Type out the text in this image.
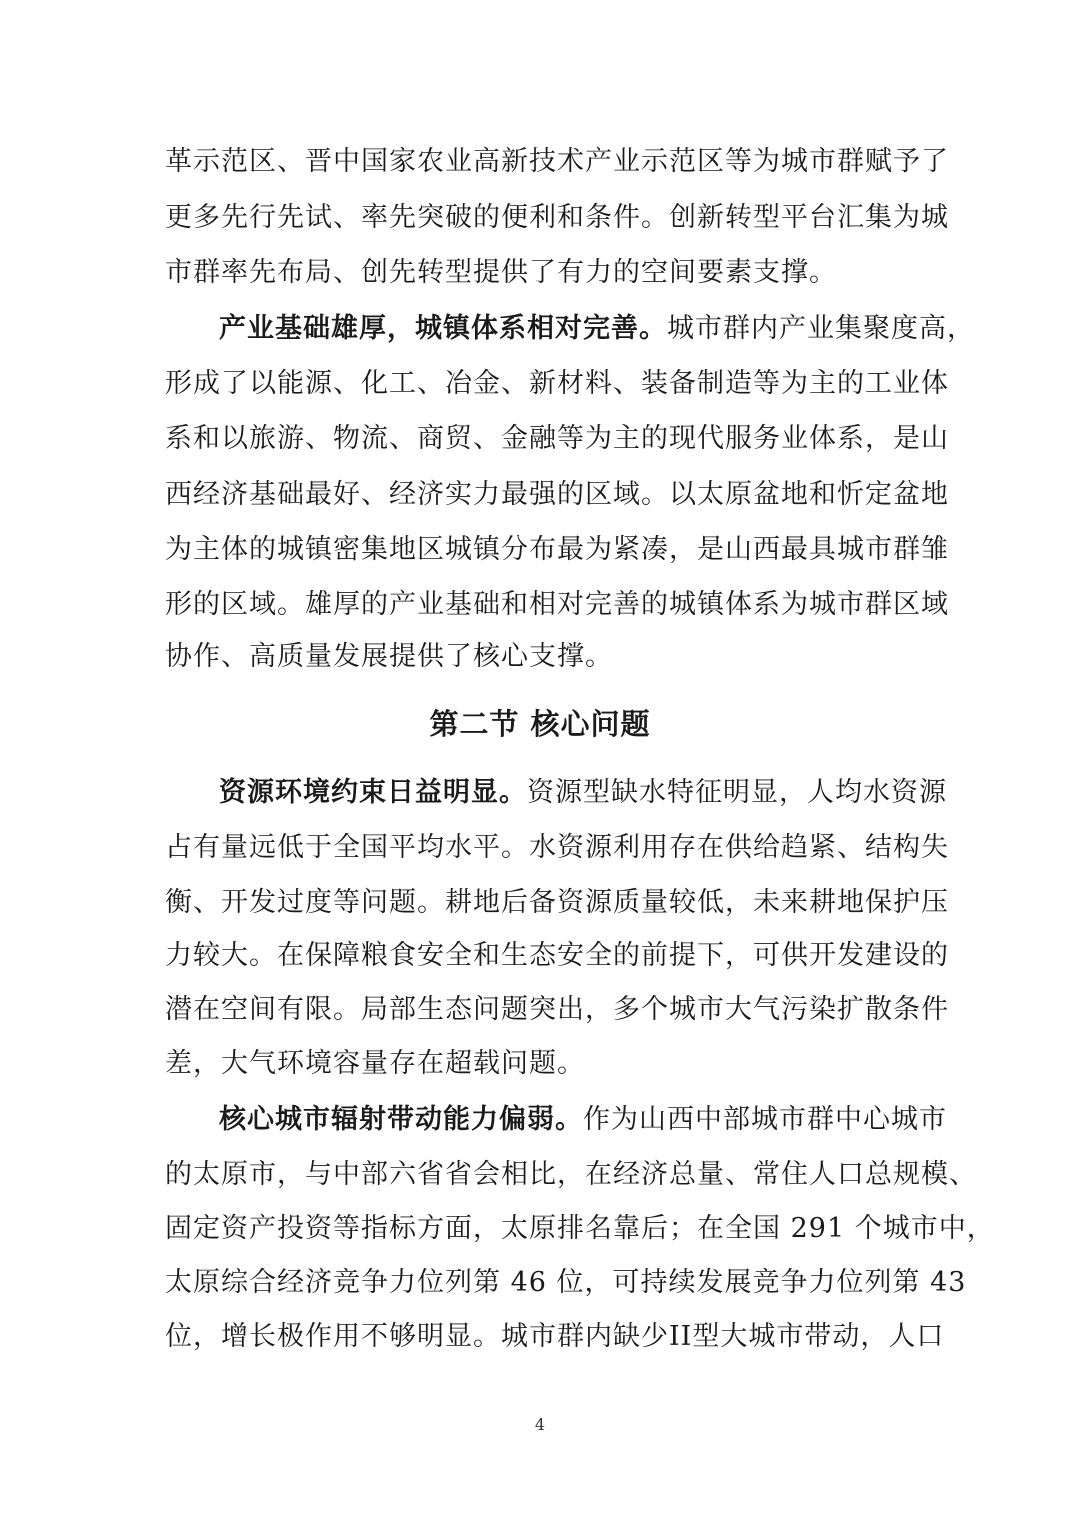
革示范区、晋中国家农业高新技术产业示范区等为城市群赋予了
更多先行先试、率先突破的便利和条件。创新转型平台汇集为城
市群率先布局、创先转型提供了有力的空间要素支撑。
产业基础雄厚，城镇体系相对完善。城市群内产业集聚度高，
形成了以能源、化工、冶金、新材料、装备制造等为主的工业体
系和以旅游、物流、商贸、金融等为主的现代服务业体系，是山
西经济基础最好、经济实力最强的区域。以太原盆地和忻定盆地
为主体的城镇密集地区城镇分布最为紧凑，是山西最具城市群雏
形的区域。雄厚的产业基础和相对完善的城镇体系为城市群区域
协作、高质量发展提供了核心支撑。
第二节 核心问题
资源环境约束日益明显。资源型缺水特征明显，人均水资源
占有量远低于全国平均水平。水资源利用存在供给趋紧、结构失
衡、开发过度等问题。耕地后备资源质量较低，未来耕地保护压
力较大。在保障粮食安全和生态安全的前提下，可供开发建设的
潜在空间有限。局部生态问题突出，多个城市大气污染扩散条件
差，大气环境容量存在超载问题。
核心城市辐射带动能力偏弱。作为山西中部城市群中心城市
的太原市，与中部六省省会相比，在经济总量、常住人口总规模、
固定资产投资等指标方面，太原排名靠后；在全国 291 个城市中，
太原综合经济竞争力位列第 46 位，可持续发展竞争力位列第 43
位，增长极作用不够明显。城市群内缺少II型大城市带动，人口
4
